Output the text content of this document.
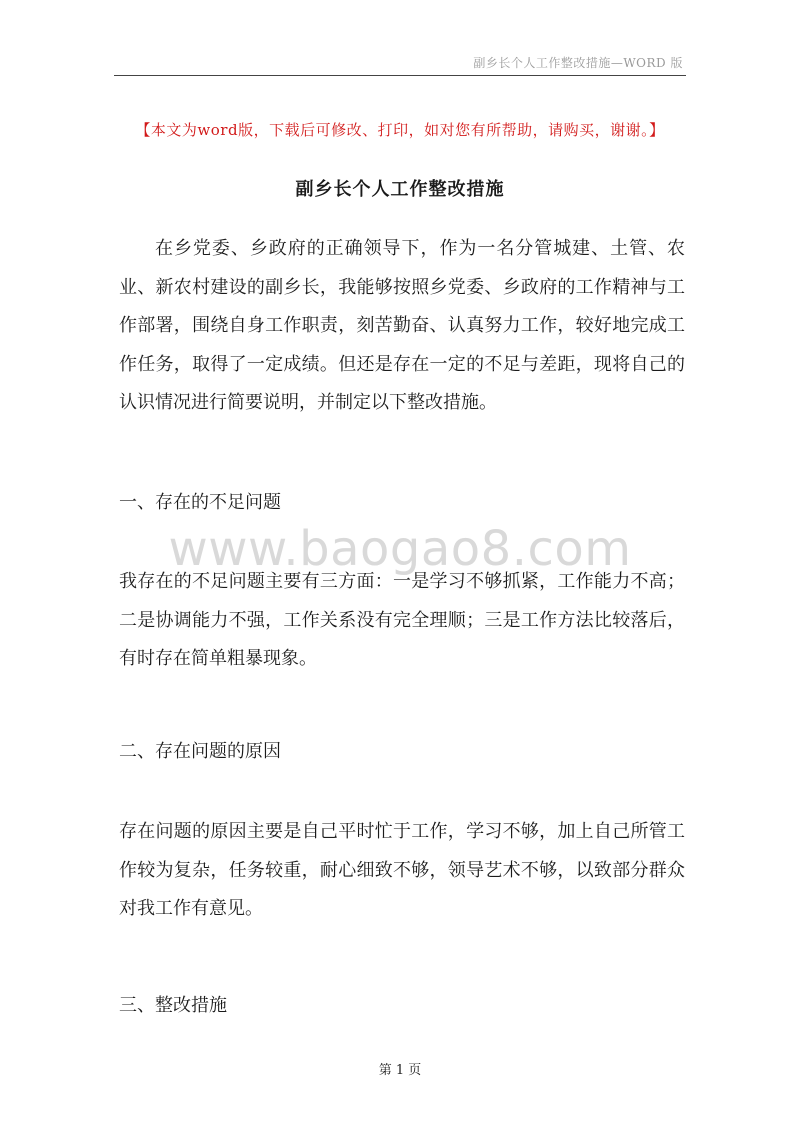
副乡长个人工作整改措施—WORD 版
【本文为word版，下载后可修改、打印，如对您有所帮助，请购买，谢谢。】
副乡长个人工作整改措施

在乡党委、乡政府的正确领导下，作为一名分管城建、土管、农业、新农村建设的副乡长，我能够按照乡党委、乡政府的工作精神与工作部署，围绕自身工作职责，刻苦勤奋、认真努力工作，较好地完成工作任务，取得了一定成绩。但还是存在一定的不足与差距，现将自己的认识情况进行简要说明，并制定以下整改措施。

一、存在的不足问题

www.baogao8.com

我存在的不足问题主要有三方面：一是学习不够抓紧，工作能力不高；二是协调能力不强，工作关系没有完全理顺；三是工作方法比较落后，有时存在简单粗暴现象。

二、存在问题的原因

存在问题的原因主要是自己平时忙于工作，学习不够，加上自己所管工作较为复杂，任务较重，耐心细致不够，领导艺术不够，以致部分群众对我工作有意见。

三、整改措施

第 1 页
